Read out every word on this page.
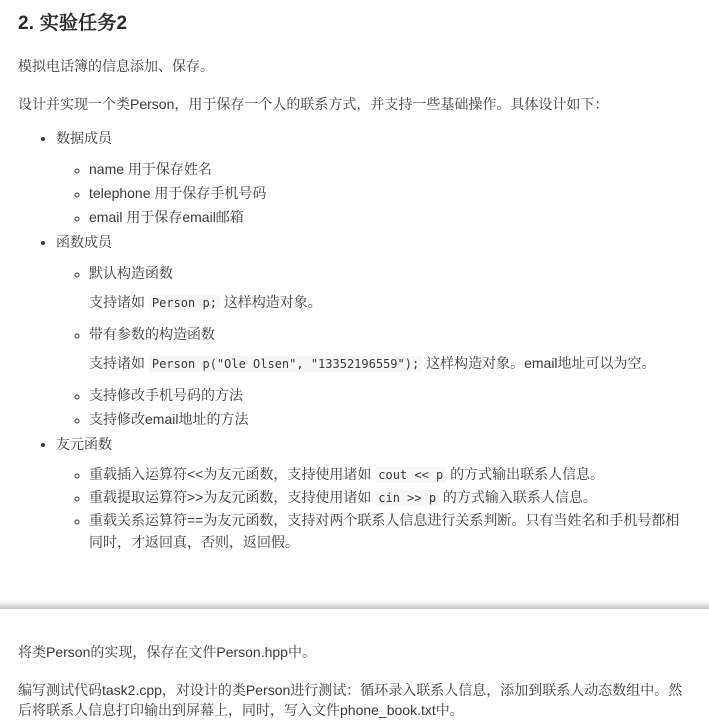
2. 实验任务2

模拟电话簿的信息添加、保存。

设计并实现一个类Person，用于保存一个人的联系方式，并支持一些基础操作。具体设计如下：

• 数据成员
◦ name 用于保存姓名
◦ telephone 用于保存手机号码
◦ email 用于保存email邮箱
• 函数成员
◦ 默认构造函数
支持诸如 Person p; 这样构造对象。
◦ 带有参数的构造函数
支持诸如 Person p("Ole Olsen", "13352196559"); 这样构造对象。email地址可以为空。
◦ 支持修改手机号码的方法
◦ 支持修改email地址的方法
• 友元函数
◦ 重载插入运算符<<为友元函数，支持使用诸如 cout << p 的方式输出联系人信息。
◦ 重载提取运算符>>为友元函数，支持使用诸如 cin >> p 的方式输入联系人信息。
◦ 重载关系运算符==为友元函数，支持对两个联系人信息进行关系判断。只有当姓名和手机号都相同时，才返回真，否则，返回假。

将类Person的实现，保存在文件Person.hpp中。

编写测试代码task2.cpp，对设计的类Person进行测试：循环录入联系人信息，添加到联系人动态数组中。然后将联系人信息打印输出到屏幕上，同时，写入文件phone_book.txt中。
